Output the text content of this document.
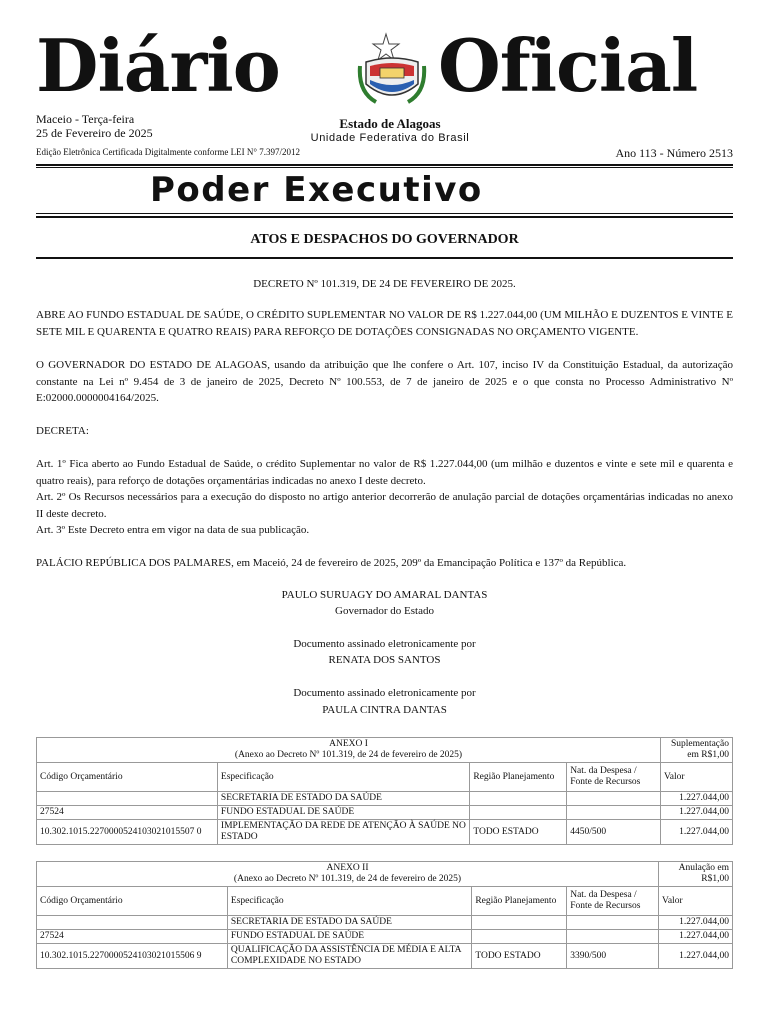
Diário Oficial
Maceio - Terça-feira
25 de Fevereiro de 2025
Estado de Alagoas
Unidade Federativa do Brasil
Edição Eletrônica Certificada Digitalmente conforme LEI N° 7.397/2012	Ano 113 - Número 2513
Poder Executivo
ATOS E DESPACHOS DO GOVERNADOR
DECRETO Nº 101.319, DE 24 DE FEVEREIRO DE 2025.
ABRE AO FUNDO ESTADUAL DE SAÚDE, O CRÉDITO SUPLEMENTAR NO VALOR DE R$ 1.227.044,00 (UM MILHÃO E DUZENTOS E VINTE E SETE MIL E QUARENTA E QUATRO REAIS) PARA REFORÇO DE DOTAÇÕES CONSIGNADAS NO ORÇAMENTO VIGENTE.
O GOVERNADOR DO ESTADO DE ALAGOAS, usando da atribuição que lhe confere o Art. 107, inciso IV da Constituição Estadual, da autorização constante na Lei nº 9.454 de 3 de janeiro de 2025, Decreto Nº 100.553, de 7 de janeiro de 2025 e o que consta no Processo Administrativo Nº E:02000.0000004164/2025.
DECRETA:
Art. 1º Fica aberto ao Fundo Estadual de Saúde, o crédito Suplementar no valor de R$ 1.227.044,00 (um milhão e duzentos e vinte e sete mil e quarenta e quatro reais), para reforço de dotações orçamentárias indicadas no anexo I deste decreto.
Art. 2º Os Recursos necessários para a execução do disposto no artigo anterior decorrerão de anulação parcial de dotações orçamentárias indicadas no anexo II deste decreto.
Art. 3º Este Decreto entra em vigor na data de sua publicação.
PALÁCIO REPÚBLICA DOS PALMARES, em Maceió, 24 de fevereiro de 2025, 209º da Emancipação Política e 137º da República.
PAULO SURUAGY DO AMARAL DANTAS
Governador do Estado
Documento assinado eletronicamente por
RENATA DOS SANTOS
Documento assinado eletronicamente por
PAULA CINTRA DANTAS
ANEXO I
(Anexo ao Decreto Nº 101.319, de 24 de fevereiro de 2025)				Suplementação em R$1,00
Código Orçamentário	Especificação	Região Planejamento	Nat. da Despesa / Fonte de Recursos	Valor
	SECRETARIA DE ESTADO DA SAÚDE			1.227.044,00
27524	FUNDO ESTADUAL DE SAÚDE			1.227.044,00
10.302.1015.2270000524103021015507 0	IMPLEMENTAÇÃO DA REDE DE ATENÇÃO À SAÚDE NO ESTADO	TODO ESTADO	4450/500	1.227.044,00
ANEXO II
(Anexo ao Decreto Nº 101.319, de 24 de fevereiro de 2025)				Anulação em R$1,00
Código Orçamentário	Especificação	Região Planejamento	Nat. da Despesa / Fonte de Recursos	Valor
	SECRETARIA DE ESTADO DA SAÚDE			1.227.044,00
27524	FUNDO ESTADUAL DE SAÚDE			1.227.044,00
10.302.1015.2270000524103021015506 9	QUALIFICAÇÃO DA ASSISTÊNCIA DE MÉDIA E ALTA COMPLEXIDADE NO ESTADO	TODO ESTADO	3390/500	1.227.044,00
